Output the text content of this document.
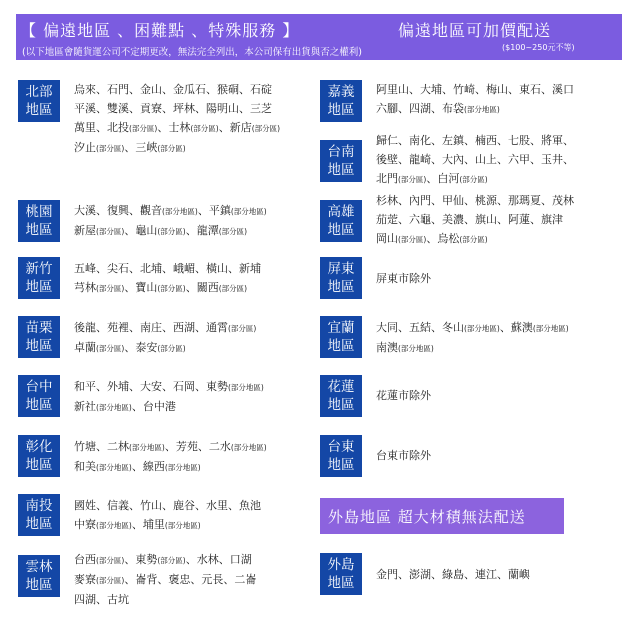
【 偏遠地區 、困難點 、特殊服務 】	偏遠地區可加價配送
(以下地區會隨貨運公司不定期更改，無法完全列出，本公司保有出貨與否之權利)	($100~250元不等)
北部地區
烏來、石門、金山、金瓜石、猴硐、石碇
平溪、雙溪、貢寮、坪林、陽明山、三芝
萬里、北投(部分區)、士林(部分區)、新店(部分區)
汐止(部分區)、三峽(部分區)
桃園地區
大溪、復興、觀音(部分地區)、平鎮(部分地區)
新屋(部分區)、龜山(部分區)、龍潭(部分區)
新竹地區
五峰、尖石、北埔、峨嵋、橫山、新埔
芎林(部分區)、寶山(部分區)、關西(部分區)
苗栗地區
後龍、苑裡、南庄、西湖、通霄(部分區)
卓蘭(部分區)、泰安(部分區)
台中地區
和平、外埔、大安、石岡、東勢(部分地區)
新社(部分地區)、台中港
彰化地區
竹塘、二林(部分地區)、芳苑、二水(部分地區)
和美(部分地區)、線西(部分地區)
南投地區
國姓、信義、竹山、鹿谷、水里、魚池
中寮(部分地區)、埔里(部分地區)
雲林地區
台西(部分區)、東勢(部分區)、水林、口湖
麥寮(部分區)、崙背、褒忠、元長、二崙
四湖、古坑
嘉義地區
阿里山、大埔、竹崎、梅山、東石、溪口
六腳、四湖、布袋(部分地區)
台南地區
歸仁、南化、左鎮、楠西、七股、將軍、
後壁、龍崎、大內、山上、六甲、玉井、
北門(部分區)、白河(部分區)
高雄地區
杉林、內門、甲仙、桃源、那瑪夏、茂林
茄萣、六龜、美濃、旗山、阿蓮、旗津
岡山(部分區)、烏松(部分區)
屏東地區
屏東市除外
宜蘭地區
大同、五結、冬山(部分地區)、蘇澳(部分地區)
南澳(部分地區)
花蓮地區
花蓮市除外
台東地區
台東市除外
外島地區 超大材積無法配送
外島地區
金門、澎湖、綠島、連江、蘭嶼
